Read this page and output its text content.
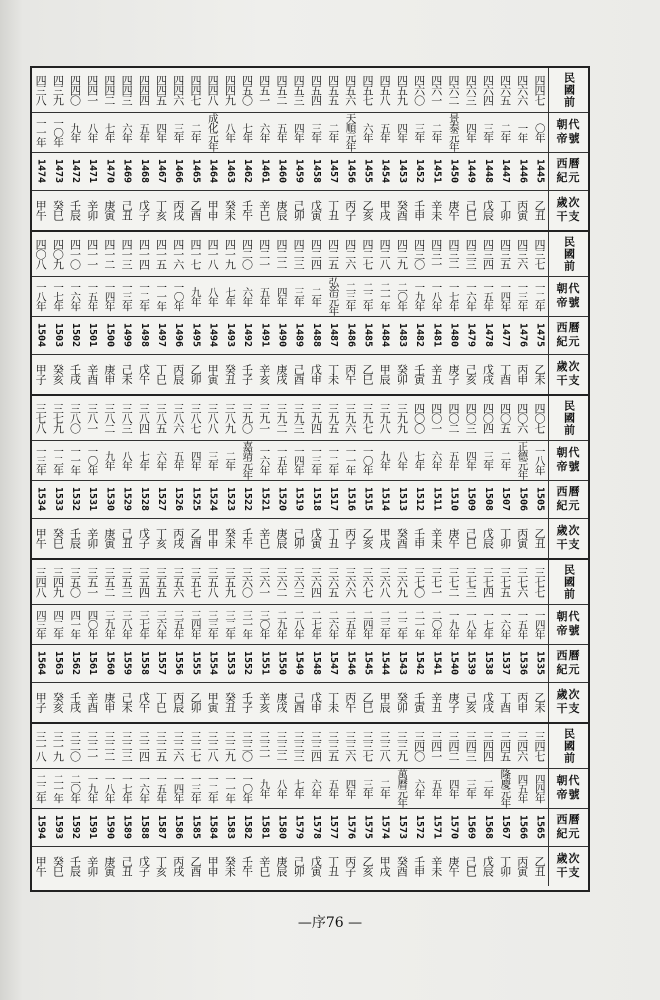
四三八 四三九 四四〇 四四一 四四二 四四三 四四四 四四五 四四六 四四七 四四八 四四九 四五〇 四五一 四五二 四五三 四五四 四五五 四五六 四五七 四五八 四五九 四六〇 四六一 四六二 四六三 四六四 四六五 四六六 四四七	民國前
一一年 一〇年 九年 八年 七年 六年 五年 四年 三年 二年 成化元年 八年 七年 六年 五年 四年 三年 二年 天順元年 六年 五年 四年 三年 二年 景泰元年 四年 三年 二年 一年 〇年 朝代
帝號
1474 1473 1472 1471 1470 1469 1468 1467 1466 1465 1464 1463 1462 1461 1460 1459 1458 1457 1456 1455 1454 1453 1452 1451 1450 1449 1448 1447 1446 1445 西曆
紀元
甲午 癸巳 壬辰 辛卯 庚寅 己丑 戊子 丁亥 丙戌 乙酉 甲申 癸未 壬午 辛巳 庚辰 己卯 戊寅 丁丑 丙子 乙亥 甲戌 癸酉 壬申 辛未 庚午 己巳 戊辰 丁卯 丙寅 乙丑 歲次
干支
四〇八 四〇九 四一〇 四一一 四一二 四一三 四一四 四一五 四一六 四一七 四一八 四一九 四二〇 四二一 四二二 四二三 四二四 四二五 四二六 四二七 四二八 四二九 四三〇 四三一 四三二 四三三 四三四 四三五 四三六 四三七	民國前
一八年 一七年 一六年 一五年 一四年 一三年 一二年 一一年 一〇年 九年 八年 七年 六年 五年 四年 三年 二年 弘治元年 二三年 二二年 二一年 二〇年 一九年 一八年 一七年 一六年 一五年 一四年 一三年 一二年 朝代
帝號
1504 1503 1502 1501 1500 1499 1498 1497 1496 1495 1494 1493 1492 1491 1490 1489 1488 1487 1486 1485 1484 1483 1482 1481 1480 1479 1478 1477 1476 1475 西曆
紀元
甲子 癸亥 壬戌 辛酉 庚申 己未 戊午 丁巳 丙辰 乙卯 甲寅 癸丑 壬子 辛亥 庚戌 己酉 戊申 丁未 丙午 乙巳 甲辰 癸卯 壬寅 辛丑 庚子 己亥 戊戌 丁酉 丙申 乙未 歲次
干支
三七八 三七九 三八〇 三八一 三八二 三八三 三八四 三八五 三八六 三八七 三八八 三八九 三九〇 三九一 三九二 三九三 三九四 三九五 三九六 三九七 三九八 三九九 四〇〇 四〇一 四〇二 四〇三 四〇四 四〇五 四〇六 四〇七	民國前
一三年 一二年 一一年 一〇年 九年 八年 七年 六年 五年 四年 三年 二年 嘉靖元年 一六年 一五年 一四年 一三年 一二年 一一年 一〇年 九年 八年 七年 六年 五年 四年 三年 二年 正德元年 一八年 朝代
帝號
1534 1533 1532 1531 1530 1529 1528 1527 1526 1525 1524 1523 1522 1521 1520 1519 1518 1517 1516 1515 1514 1513 1512 1511 1510 1509 1508 1507 1506 1505 西曆
紀元
甲午 癸巳 壬辰 辛卯 庚寅 己丑 戊子 丁亥 丙戌 乙酉 甲申 癸未 壬午 辛巳 庚辰 己卯 戊寅 丁丑 丙子 乙亥 甲戌 癸酉 壬申 辛未 庚午 己巳 戊辰 丁卯 丙寅 乙丑 歲次
干支
三四八 三四九 三五〇 三五一 三五二 三五三 三五四 三五五 三五六 三五七 三五八 三五九 三六〇 三六一 三六二 三六三 三六四 三六五 三六六 三六七 三六八 三六九 三七〇 三七一 三七二 三七三 三七四 三七五 三七六 三七七	民國前
四三年 四二年 四一年 四〇年 三九年 三八年 三七年 三六年 三五年 三四年 三三年 三二年 三一年 三〇年 二九年 二八年 二七年 二六年 二五年 二四年 二三年 二二年 二一年 二〇年 一九年 一八年 一七年 一六年 一五年 一四年 朝代
帝號
1564 1563 1562 1561 1560 1559 1558 1557 1556 1555 1554 1553 1552 1551 1550 1549 1548 1547 1546 1545 1544 1543 1542 1541 1540 1539 1538 1537 1536 1535 西曆
紀元
甲子 癸亥 壬戌 辛酉 庚申 己未 戊午 丁巳 丙辰 乙卯 甲寅 癸丑 壬子 辛亥 庚戌 己酉 戊申 丁未 丙午 乙巳 甲辰 癸卯 壬寅 辛丑 庚子 己亥 戊戌 丁酉 丙申 乙未 歲次
干支
三一八 三一九 三二〇 三二一 三二二 三二三 三二四 三二五 三二六 三二七 三二八 三二九 三三〇 三三一 三三二 三三三 三三四 三三五 三三六 三三七 三三八 三三九 三四〇 三四一 三四二 三四三 三四四 三四五 三四六 三四七	民國前
二二年 二一年 二〇年 一九年 一八年 一七年 一六年 一五年 一四年 一三年 一二年 一一年 一〇年 九年 八年 七年 六年 五年 四年 三年 二年 萬曆元年 六年 五年 四年 三年 二年 隆慶元年 四五年 四四年 朝代
帝號
1594 1593 1592 1591 1590 1589 1588 1587 1586 1585 1584 1583 1582 1581 1580 1579 1578 1577 1576 1575 1574 1573 1572 1571 1570 1569 1568 1567 1566 1565 西曆
紀元
甲午 癸巳 壬辰 辛卯 庚寅 己丑 戊子 丁亥 丙戌 乙酉 甲申 癸未 壬午 辛巳 庚辰 己卯 戊寅 丁丑 丙子 乙亥 甲戌 癸酉 壬申 辛未 庚午 己巳 戊辰 丁卯 丙寅 乙丑 歲次
干支
—序76 —
